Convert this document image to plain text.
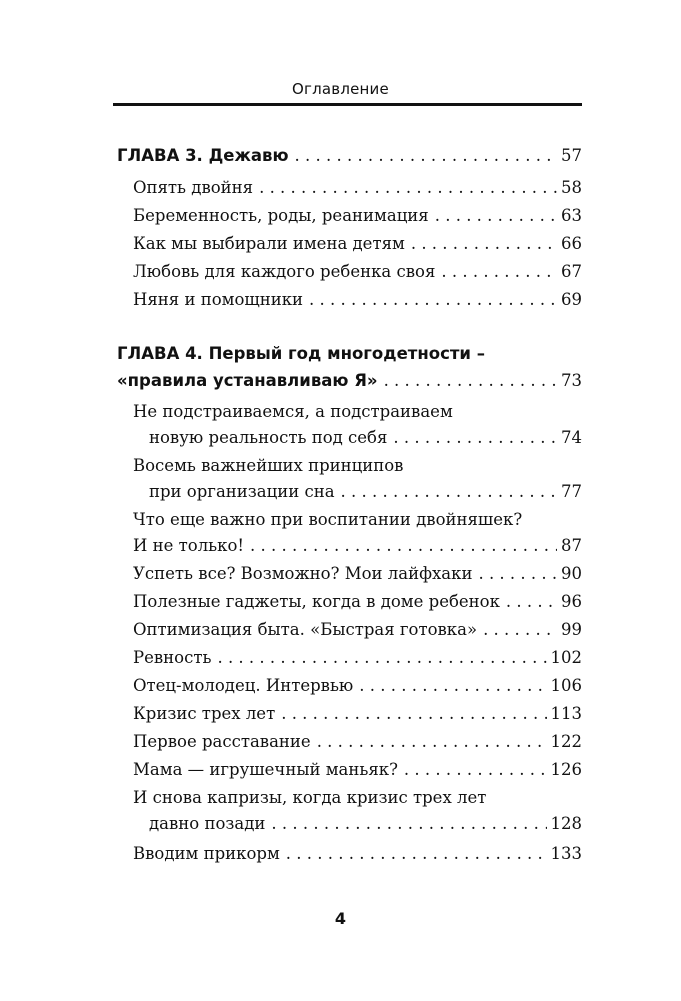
Оглавление
ГЛАВА 3. Дежавю . . .	57
Опять двойня . . .	58
Беременность, роды, реанимация . . .	63
Как мы выбирали имена детям . . .	66
Любовь для каждого ребенка своя . . .	67
Няня и помощники . . .	69
ГЛАВА 4. Первый год многодетности –
«правила устанавливаю Я» . . .	73
Не подстраиваемся, а подстраиваем
новую реальность под себя . . .	74
Восемь важнейших принципов
при организации сна . . .	77
Что еще важно при воспитании двойняшек?
И не только! . . .	87
Успеть все? Возможно? Мои лайфхаки . . .	90
Полезные гаджеты, когда в доме ребенок . . .	96
Оптимизация быта. «Быстрая готовка» . . .	99
Ревность . . .	102
Отец-молодец. Интервью . . .	106
Кризис трех лет . . .	113
Первое расставание . . .	122
Мама — игрушечный маньяк? . . .	126
И снова капризы, когда кризис трех лет
давно позади . . .	128
Вводим прикорм . . .	133
4
